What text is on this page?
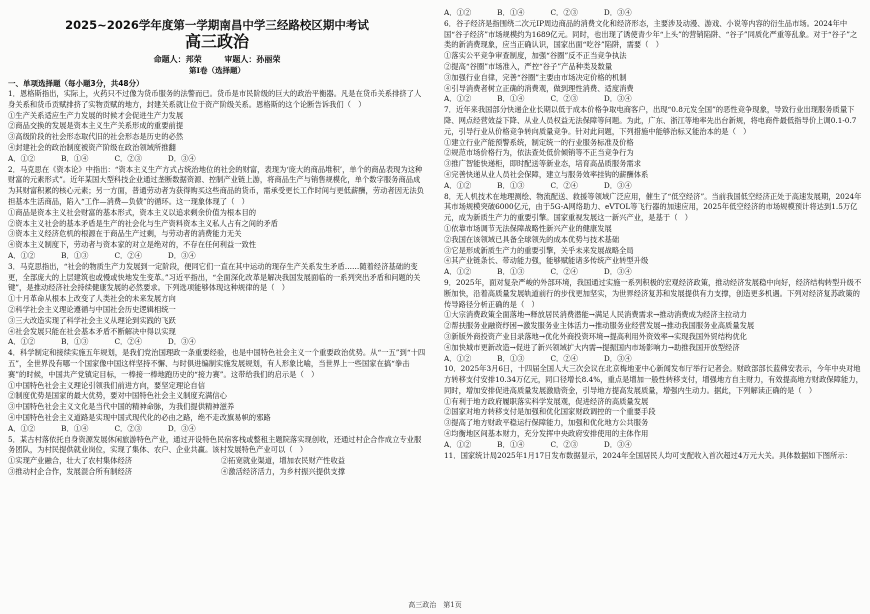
2025~2026学年度第一学期南昌中学三经路校区期中考试
高三政治
命题人：邦荣	审题人：孙丽荣
第Ⅰ卷（选择题）
一、单项选择题（每小题3分，共48分）
1．恩格斯指出，实际上，火药只不过像为货币服务的法警而已。货币是市民阶级的巨大的政治平衡器。凡是在货币关系排挤了人身关系和货币贡赋排挤了实物贡赋的地方，封建关系就让位于资产阶级关系。恩格斯的这个论断告诉我们（　）
①生产关系适应生产力发展的时候才会促进生产力发展
②商品交换的发展是资本主义生产关系形成的重要前提
③高级阶段的社会形态取代旧的社会形态是历史的必然
④封建社会的政治制度被资产阶级在政治领域所推翻
A．①②	B．①④	C．②③	D．③④
2．马克思在《资本论》中指出：“资本主义生产方式占统治地位的社会的财富，表现为‘庞大的商品堆积’，单个的商品表现为这种财富的元素形式”。近年某国大型科技企业通过垄断数据资源、控制产业链上游，将商品生产与销售规模化，单个数字服务商品成为其财富积累的核心元素；另一方面，普通劳动者为获得购买这些商品的货币，需承受更长工作时间与更低薪酬，劳动者因无法负担基本生活商品，陷入“工作—消费—负债”的循环。这一现象体现了（　）
①商品是资本主义社会财富的基本形式，资本主义以追求剩余价值为根本目的
②资本主义社会的基本矛盾是生产的社会化与生产资料资本主义私人占有之间的矛盾
③资本主义经济危机的根源在于商品生产过剩，与劳动者的消费能力无关
④资本主义制度下，劳动者与资本家的对立是绝对的，不存在任何利益一致性
A．①②	B．①③	C．②④	D．③④
3．马克思指出，“社会的物质生产力发展到一定阶段，便同它们一直在其中运动的现存生产关系发生矛盾……随着经济基础的变更，全部庞大的上层建筑也或慢或快地发生变革。”习近平指出，“全面深化改革是解决我国发展面临的一系列突出矛盾和问题的关键”，是推动经济社会持续健康发展的必然要求。下列选项能够体现这种规律的是（　）
①十月革命从根本上改变了人类社会的未来发展方向
②科学社会主义理论遵循与中国社会历史逻辑相统一
③三大改造实现了科学社会主义从理论到实践的飞跃
④社会发展只能在社会基本矛盾不断解决中得以实现
A．①②	B．①③	C．②④	D．③④
4．科学制定和接续实施五年规划，是我们党治国理政一条重要经验，也是中国特色社会主义一个重要政治优势。从“一五”到“十四五”，全世界没有哪一个国家像中国这样坚持不懈、与时俱进编制实施发展规划，有人形象比喻，当世界上一些国家在搞“拳击赛”的时候，中国共产党镇定目标，一棒接一棒地跑历史的“接力赛”。这带给我们的启示是（　）
①中国特色社会主义理论引领我们前进方向，要坚定理论自信
②制度优势是国家的最大优势，要对中国特色社会主义制度充满信心
③中国特色社会主义文化是当代中国的精神命脉，为我们提供精神滋养
④中国特色社会主义道路是实现中国式现代化的必由之路，绝不走改旗易帜的邪路
A．①②	B．①④	C．②③	D．③④
5．某古村落依托自身资源发展休闲旅游特色产业，通过开设特色民宿客栈或整租主题院落实现创收，还通过村企合作成立专业服务团队，为村民提供就业岗位，实现了集体、农户、企业共赢。该村发展特色产业可以（　）
①实现产业融合，壮大了农村集体经济	②拓宽就业渠道，增加农民财产性收益
③推动村企合作，发展混合所有制经济	④激活经济活力，为乡村振兴提供支撑
A．①②	B．①④	C．②③	D．③④
6．谷子经济是指围绕二次元IP周边商品的消费文化和经济形态，主要涉及动漫、游戏、小说等内容的衍生品市场。2024年中国“谷子经济”市场规模约为1689亿元。同时，也出现了诱使青少年“上头”的营销陷阱、“谷子”同质化严重等乱象。对于“谷子”之类的新消费现象，应当正确认识，国家出面“吃谷”陷阱，需要（　）
①落实公平竞争审查制度，加强“谷圈”反不正当竞争执法
②提高“谷圈”市场准入，严控“谷子”产品种类及数量
③加强行业自律，完善“谷圈”主要由市场决定价格的机制
④引导消费者树立正确的消费观，做到理性消费、适度消费
A．①②	B．①④	C．②③	D．③④
7．近年来我国部分快递企业长期以低于成本价格争取电商客户，出现“0.8元发全国”的恶性竞争现象，导致行业出现服务质量下降、网点经营效益下降、从业人员权益无法保障等问题。为此，广东、浙江等地率先出台新规，将电商件最低指导价上调0.1-0.7元，引导行业从价格竞争转向质量竞争。针对此问题，下列措施中能够治标又能治本的是（　）
①建立行业产能预警系统，制定统一的行业服务标准及价格
②规范市场价格行为，依法查处低价倾销等不正当竞争行为
③推广智能快递柜，即时配送等新业态，培育高品质服务需求
④完善快递从业人员社会保障，建立与服务效率挂钩的薪酬体系
A．①②	B．①③	C．②④	D．③④
8．无人机技术在地理测绘、物流配送、救援等领域广泛应用，催生了“低空经济”。当前我国低空经济正处于高速发展期，2024年其市场规模突破6000亿元，由于5G-A网络助力、eVTOL等飞行器的加速应用，2025年低空经济的市场规模预计将达到1.5万亿元，成为新质生产力的重要引擎。国家重视发展这一新兴产业，是基于（　）
①依靠市场调节无法保障战略性新兴产业的健康发展
②我国在该领域已具备全球领先的成本优势与技术基础
③它是形成新质生产力的重要引擎，关乎未来发展战略全局
④其产业链条长、带动能力强，能够赋能诸多传统产业转型升级
A．①②	B．①③	C．②④	D．③④
9．2025年，面对复杂严峻的外部环境，我国通过实施一系列积极的宏观经济政策，推动经济发展稳中向好，经济结构转型升级不断加快，沿着高质量发展轨道前行的步伐更加坚实，为世界经济复苏和发展提供有力支撑，创造更多机遇。下列对经济复苏政策的传导路径分析正确的是（　）
①大宗消费政策全面落地→释放居民消费潜能→满足人民消费需求→推动消费成为经济主拉动力
②帮扶服务业融资纾困→激发服务业主体活力→推动服务业经营发展→推动我国服务业高质量发展
③新版外商投资产业目录落地→优化外商投资环境→提高利用外资效率→实现我国外贸结构优化
④加快城市更新改造→促进了新兴领域扩大内需→提振国内市场影响力→助推我国开放型经济
A．①②	B．①③	C．②④	D．③④
10．2025年3月6日，十四届全国人大三次会议在北京梅地亚中心新闻发布厅举行记者会。财政部部长蓝佛安表示，今年中央对地方转移支付安排10.34万亿元，同口径增长8.4%，重点是增加一般性转移支付，增强地方自主财力，有效提高地方财政保障能力，同时，增加安排促进高质量发展激励资金，引导地方提高发展质量，增强内生动力。据此，下列解读正确的是（　）
①有利于地方政府履职落实科学发展观，促进经济的高质量发展
②国家对地方转移支付是加强和优化国家财政调控的一个重要手段
③提高了地方财政平稳运行保障能力，加强和优化地方公共服务
④均衡地区间基本财力，充分发挥中央政府安排使用的主体作用
A．①②	B．①④	C．②③	D．③④
11．国家统计局2025年1月17日发布数据显示，2024年全国居民人均可支配收入首次超过4万元大关。具体数据如下图所示：
高三政治　第1页
